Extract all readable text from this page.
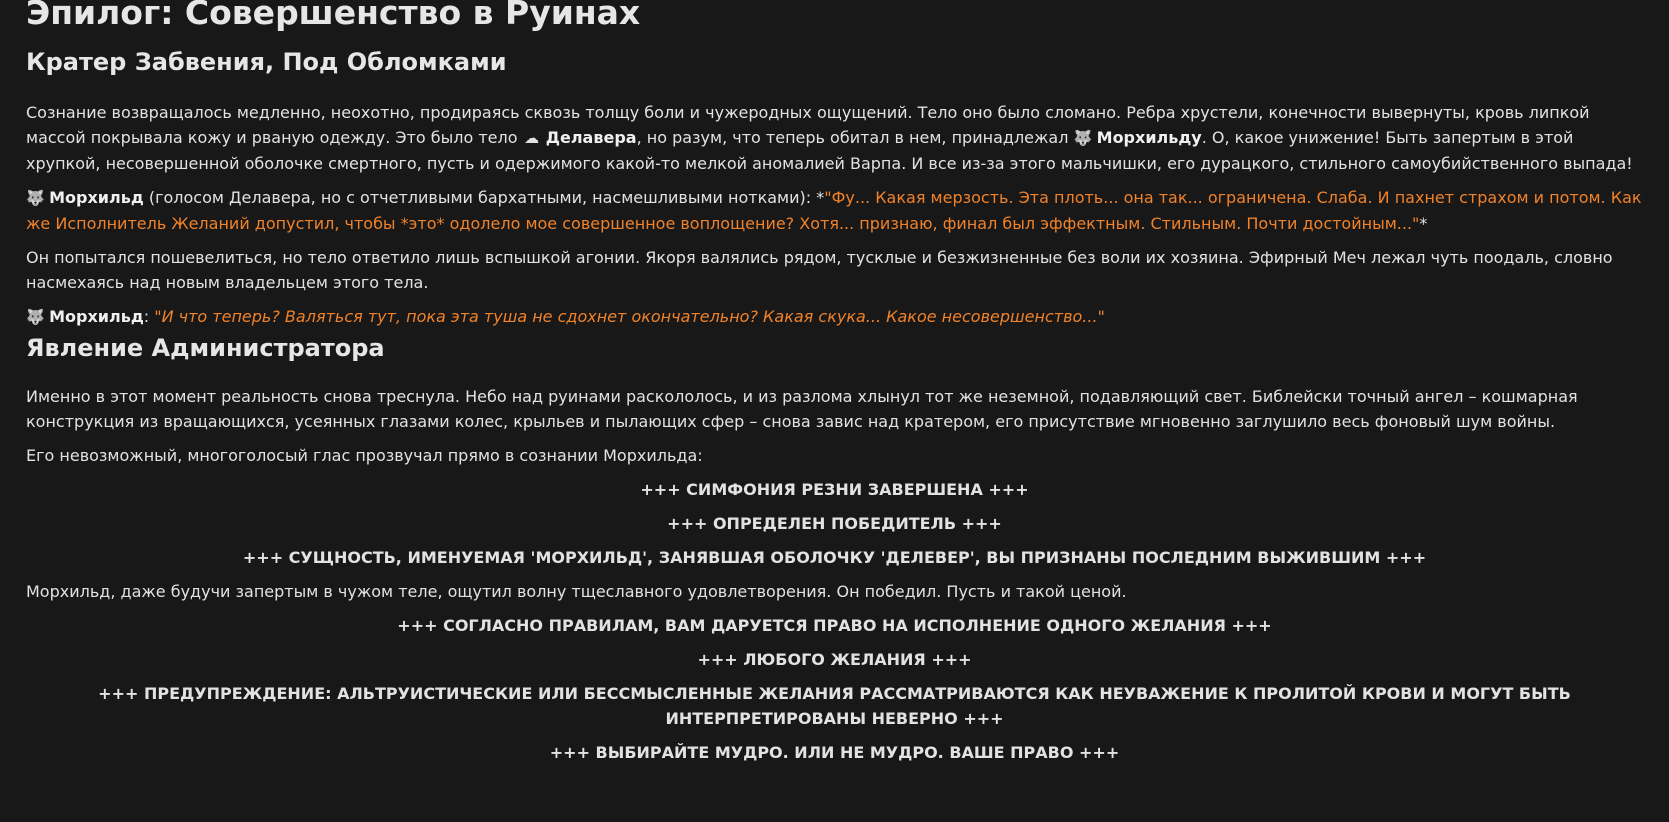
Эпилог: Совершенство в Руинах
Кратер Забвения, Под Обломками

Сознание возвращалось медленно, неохотно, продираясь сквозь толщу боли и чужеродных ощущений. Тело оно было сломано. Ребра хрустели, конечности вывернуты, кровь липкой массой покрывала кожу и рваную одежду. Это было тело ☁ Делавера, но разум, что теперь обитал в нем, принадлежал 🐺 Морхильду. О, какое унижение! Быть запертым в этой хрупкой, несовершенной оболочке смертного, пусть и одержимого какой-то мелкой аномалией Варпа. И все из-за этого мальчишки, его дурацкого, стильного самоубийственного выпада!

🐺 Морхильд (голосом Делавера, но с отчетливыми бархатными, насмешливыми нотками): *"Фу... Какая мерзость. Эта плоть... она так... ограничена. Слаба. И пахнет страхом и потом. Как же Исполнитель Желаний допустил, чтобы *это* одолело мое совершенное воплощение? Хотя... признаю, финал был эффектным. Стильным. Почти достойным..."*

Он попытался пошевелиться, но тело ответило лишь вспышкой агонии. Якоря валялись рядом, тусклые и безжизненные без воли их хозяина. Эфирный Меч лежал чуть поодаль, словно насмехаясь над новым владельцем этого тела.

🐺 Морхильд: "И что теперь? Валяться тут, пока эта туша не сдохнет окончательно? Какая скука... Какое несовершенство..."

Явление Администратора

Именно в этот момент реальность снова треснула. Небо над руинами раскололось, и из разлома хлынул тот же неземной, подавляющий свет. Библейски точный ангел – кошмарная конструкция из вращающихся, усеянных глазами колес, крыльев и пылающих сфер – снова завис над кратером, его присутствие мгновенно заглушило весь фоновый шум войны.

Его невозможный, многоголосый глас прозвучал прямо в сознании Морхильда:

+++ СИМФОНИЯ РЕЗНИ ЗАВЕРШЕНА +++

+++ ОПРЕДЕЛЕН ПОБЕДИТЕЛЬ +++

+++ СУЩНОСТЬ, ИМЕНУЕМАЯ 'МОРХИЛЬД', ЗАНЯВШАЯ ОБОЛОЧКУ 'ДЕЛЕВЕР', ВЫ ПРИЗНАНЫ ПОСЛЕДНИМ ВЫЖИВШИМ +++

Морхильд, даже будучи запертым в чужом теле, ощутил волну тщеславного удовлетворения. Он победил. Пусть и такой ценой.

+++ СОГЛАСНО ПРАВИЛАМ, ВАМ ДАРУЕТСЯ ПРАВО НА ИСПОЛНЕНИЕ ОДНОГО ЖЕЛАНИЯ +++

+++ ЛЮБОГО ЖЕЛАНИЯ +++

+++ ПРЕДУПРЕЖДЕНИЕ: АЛЬТРУИСТИЧЕСКИЕ ИЛИ БЕССМЫСЛЕННЫЕ ЖЕЛАНИЯ РАССМАТРИВАЮТСЯ КАК НЕУВАЖЕНИЕ К ПРОЛИТОЙ КРОВИ И МОГУТ БЫТЬ ИНТЕРПРЕТИРОВАНЫ НЕВЕРНО +++

+++ ВЫБИРАЙТЕ МУДРО. ИЛИ НЕ МУДРО. ВАШЕ ПРАВО +++
